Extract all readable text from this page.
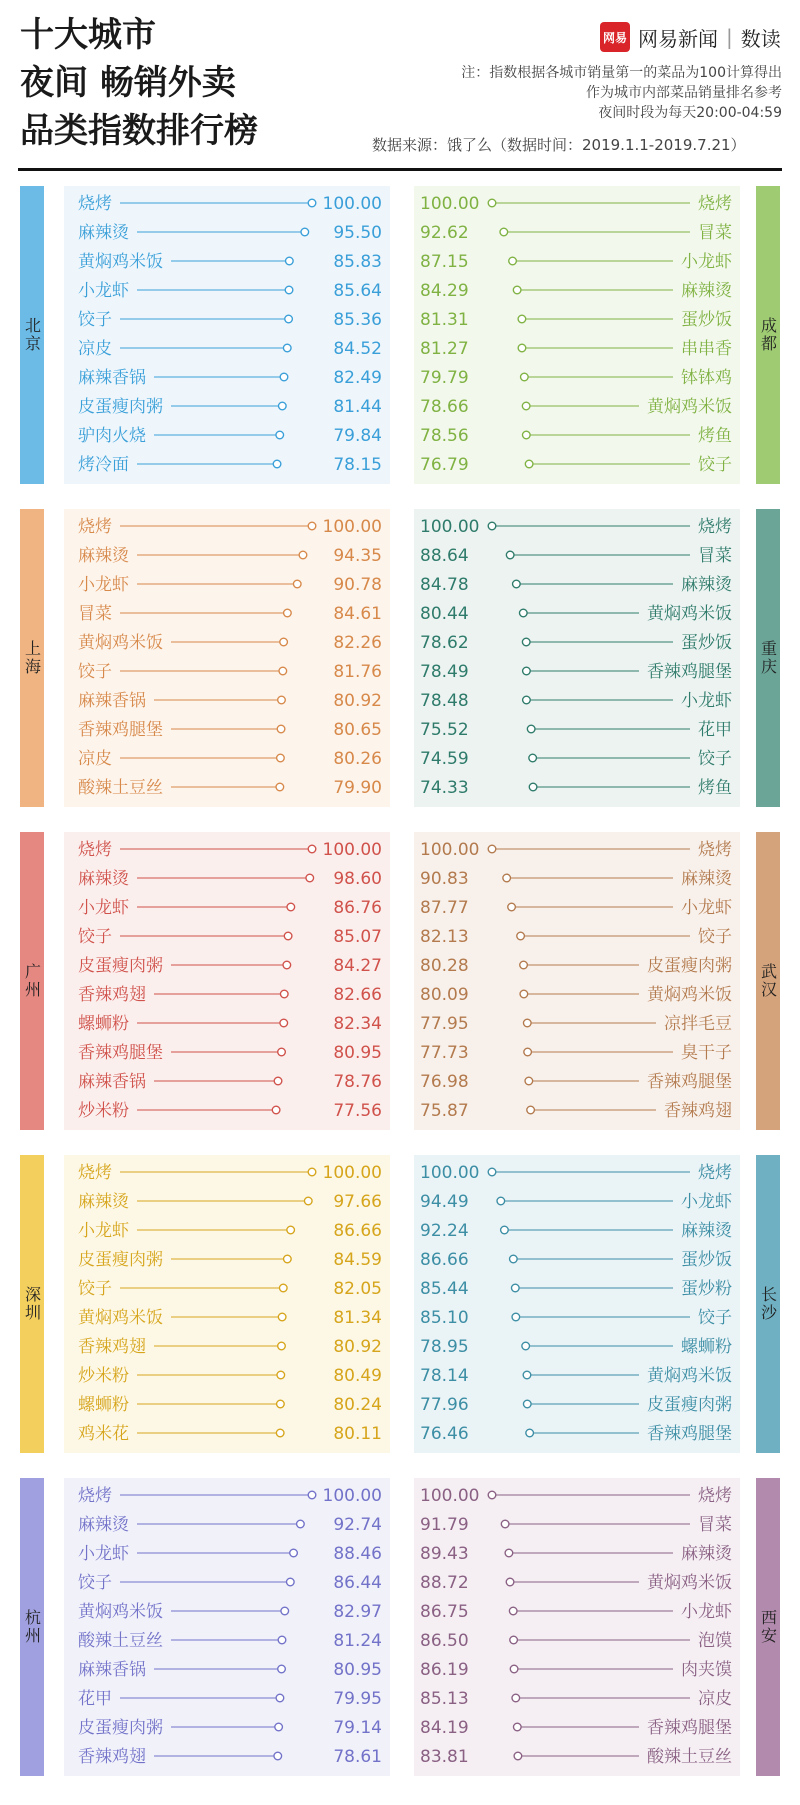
十大城市
夜间 畅销外卖
品类指数排行榜
网易 网易新闻 | 数读
注：指数根据各城市销量第一的菜品为100计算得出
作为城市内部菜品销量排名参考
夜间时段为每天20:00-04:59
数据来源：饿了么（数据时间：2019.1.1-2019.7.21）
北京
烧烤	100.00
麻辣烫	95.50
黄焖鸡米饭	85.83
小龙虾	85.64
饺子	85.36
凉皮	84.52
麻辣香锅	82.49
皮蛋瘦肉粥	81.44
驴肉火烧	79.84
烤冷面	78.15
成都
100.00	烧烤
92.62	冒菜
87.15	小龙虾
84.29	麻辣烫
81.31	蛋炒饭
81.27	串串香
79.79	钵钵鸡
78.66	黄焖鸡米饭
78.56	烤鱼
76.79	饺子
上海
烧烤	100.00
麻辣烫	94.35
小龙虾	90.78
冒菜	84.61
黄焖鸡米饭	82.26
饺子	81.76
麻辣香锅	80.92
香辣鸡腿堡	80.65
凉皮	80.26
酸辣土豆丝	79.90
重庆
100.00	烧烤
88.64	冒菜
84.78	麻辣烫
80.44	黄焖鸡米饭
78.62	蛋炒饭
78.49	香辣鸡腿堡
78.48	小龙虾
75.52	花甲
74.59	饺子
74.33	烤鱼
广州
烧烤	100.00
麻辣烫	98.60
小龙虾	86.76
饺子	85.07
皮蛋瘦肉粥	84.27
香辣鸡翅	82.66
螺蛳粉	82.34
香辣鸡腿堡	80.95
麻辣香锅	78.76
炒米粉	77.56
武汉
100.00	烧烤
90.83	麻辣烫
87.77	小龙虾
82.13	饺子
80.28	皮蛋瘦肉粥
80.09	黄焖鸡米饭
77.95	凉拌毛豆
77.73	臭干子
76.98	香辣鸡腿堡
75.87	香辣鸡翅
深圳
烧烤	100.00
麻辣烫	97.66
小龙虾	86.66
皮蛋瘦肉粥	84.59
饺子	82.05
黄焖鸡米饭	81.34
香辣鸡翅	80.92
炒米粉	80.49
螺蛳粉	80.24
鸡米花	80.11
长沙
100.00	烧烤
94.49	小龙虾
92.24	麻辣烫
86.66	蛋炒饭
85.44	蛋炒粉
85.10	饺子
78.95	螺蛳粉
78.14	黄焖鸡米饭
77.96	皮蛋瘦肉粥
76.46	香辣鸡腿堡
杭州
烧烤	100.00
麻辣烫	92.74
小龙虾	88.46
饺子	86.44
黄焖鸡米饭	82.97
酸辣土豆丝	81.24
麻辣香锅	80.95
花甲	79.95
皮蛋瘦肉粥	79.14
香辣鸡翅	78.61
西安
100.00	烧烤
91.79	冒菜
89.43	麻辣烫
88.72	黄焖鸡米饭
86.75	小龙虾
86.50	泡馍
86.19	肉夹馍
85.13	凉皮
84.19	香辣鸡腿堡
83.81	酸辣土豆丝
